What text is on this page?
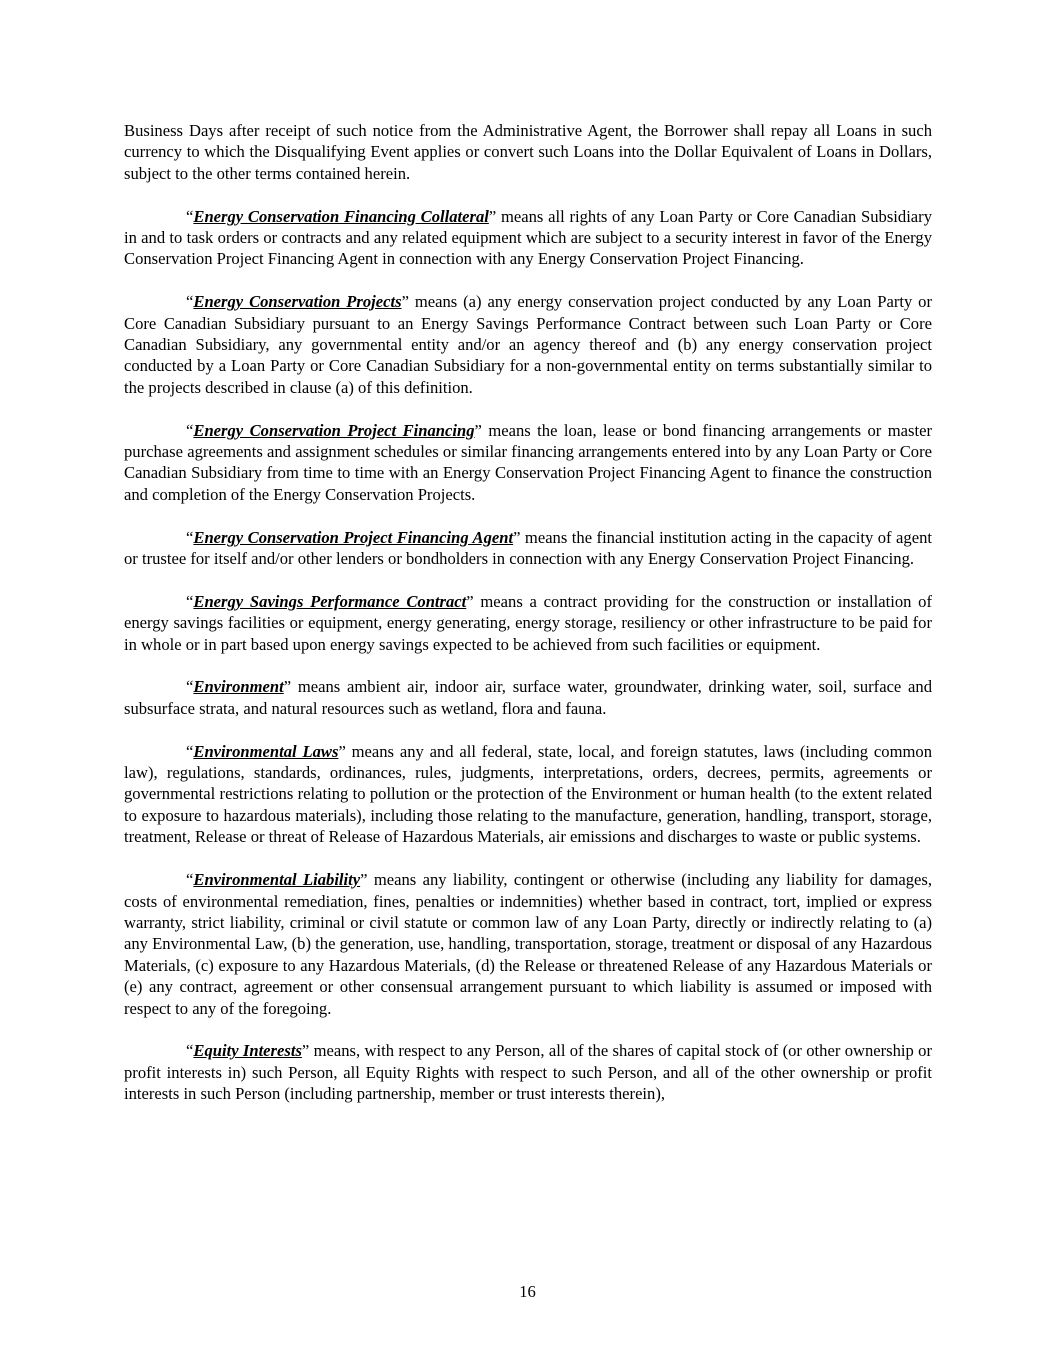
Business Days after receipt of such notice from the Administrative Agent, the Borrower shall repay all Loans in such currency to which the Disqualifying Event applies or convert such Loans into the Dollar Equivalent of Loans in Dollars, subject to the other terms contained herein.

“Energy Conservation Financing Collateral” means all rights of any Loan Party or Core Canadian Subsidiary in and to task orders or contracts and any related equipment which are subject to a security interest in favor of the Energy Conservation Project Financing Agent in connection with any Energy Conservation Project Financing.

“Energy Conservation Projects” means (a) any energy conservation project conducted by any Loan Party or Core Canadian Subsidiary pursuant to an Energy Savings Performance Contract between such Loan Party or Core Canadian Subsidiary, any governmental entity and/or an agency thereof and (b) any energy conservation project conducted by a Loan Party or Core Canadian Subsidiary for a non-governmental entity on terms substantially similar to the projects described in clause (a) of this definition.

“Energy Conservation Project Financing” means the loan, lease or bond financing arrangements or master purchase agreements and assignment schedules or similar financing arrangements entered into by any Loan Party or Core Canadian Subsidiary from time to time with an Energy Conservation Project Financing Agent to finance the construction and completion of the Energy Conservation Projects.

“Energy Conservation Project Financing Agent” means the financial institution acting in the capacity of agent or trustee for itself and/or other lenders or bondholders in connection with any Energy Conservation Project Financing.

“Energy Savings Performance Contract” means a contract providing for the construction or installation of energy savings facilities or equipment, energy generating, energy storage, resiliency or other infrastructure to be paid for in whole or in part based upon energy savings expected to be achieved from such facilities or equipment.

“Environment” means ambient air, indoor air, surface water, groundwater, drinking water, soil, surface and subsurface strata, and natural resources such as wetland, flora and fauna.

“Environmental Laws” means any and all federal, state, local, and foreign statutes, laws (including common law), regulations, standards, ordinances, rules, judgments, interpretations, orders, decrees, permits, agreements or governmental restrictions relating to pollution or the protection of the Environment or human health (to the extent related to exposure to hazardous materials), including those relating to the manufacture, generation, handling, transport, storage, treatment, Release or threat of Release of Hazardous Materials, air emissions and discharges to waste or public systems.

“Environmental Liability” means any liability, contingent or otherwise (including any liability for damages, costs of environmental remediation, fines, penalties or indemnities) whether based in contract, tort, implied or express warranty, strict liability, criminal or civil statute or common law of any Loan Party, directly or indirectly relating to (a) any Environmental Law, (b) the generation, use, handling, transportation, storage, treatment or disposal of any Hazardous Materials, (c) exposure to any Hazardous Materials, (d) the Release or threatened Release of any Hazardous Materials or (e) any contract, agreement or other consensual arrangement pursuant to which liability is assumed or imposed with respect to any of the foregoing.

“Equity Interests” means, with respect to any Person, all of the shares of capital stock of (or other ownership or profit interests in) such Person, all Equity Rights with respect to such Person, and all of the other ownership or profit interests in such Person (including partnership, member or trust interests therein),

16
